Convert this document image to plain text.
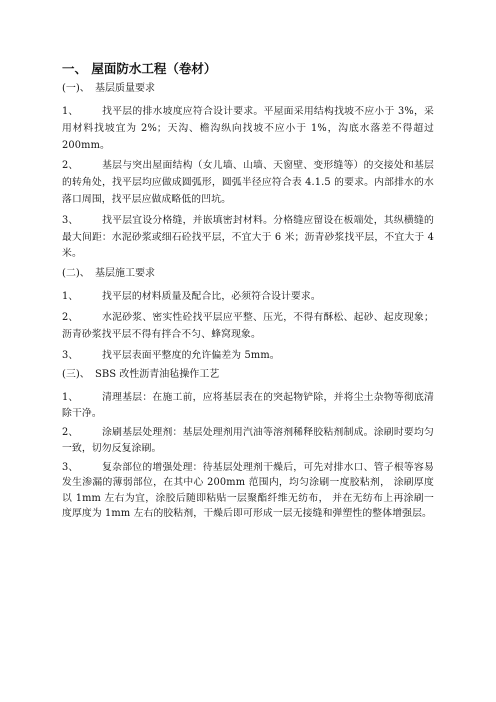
一、 屋面防水工程（卷材）
(一)、 基层质量要求

1、 找平层的排水坡度应符合设计要求。平屋面采用结构找坡不应小于 3%，采用材料找坡宜为 2%；天沟、檐沟纵向找坡不应小于 1%，沟底水落差不得超过 200mm。

2、 基层与突出屋面结构（女儿墙、山墙、天窗壁、变形缝等）的交接处和基层的转角处，找平层均应做成圆弧形，圆弧半径应符合表 4.1.5 的要求。内部排水的水落口周围，找平层应做成略低的凹坑。

3、 找平层宜设分格缝，并嵌填密封材料。分格缝应留设在板端处，其纵横缝的最大间距：水泥砂浆或细石砼找平层，不宜大于 6 米；沥青砂浆找平层，不宜大于 4 米。

(二)、 基层施工要求

1、 找平层的材料质量及配合比，必须符合设计要求。

2、 水泥砂浆、密实性砼找平层应平整、压光，不得有酥松、起砂、起皮现象；沥青砂浆找平层不得有拌合不匀、蜂窝现象。

3、 找平层表面平整度的允许偏差为 5mm。

(三)、 SBS 改性沥青油毡操作工艺

1、 清理基层：在施工前，应将基层表在的突起物铲除，并将尘土杂物等彻底清除干净。

2、 涂刷基层处理剂：基层处理剂用汽油等溶剂稀释胶粘剂制成。涂刷时要均匀一致，切勿反复涂刷。

3、 复杂部位的增强处理：待基层处理剂干燥后，可先对排水口、管子根等容易发生渗漏的薄弱部位，在其中心 200mm 范围内，均匀涂刷一度胶粘剂， 涂刷厚度以 1mm 左右为宜，涂胶后随即粘贴一层聚酯纤维无纺布， 并在无纺布上再涂刷一度厚度为 1mm 左右的胶粘剂，干燥后即可形成一层无接缝和弹塑性的整体增强层。
